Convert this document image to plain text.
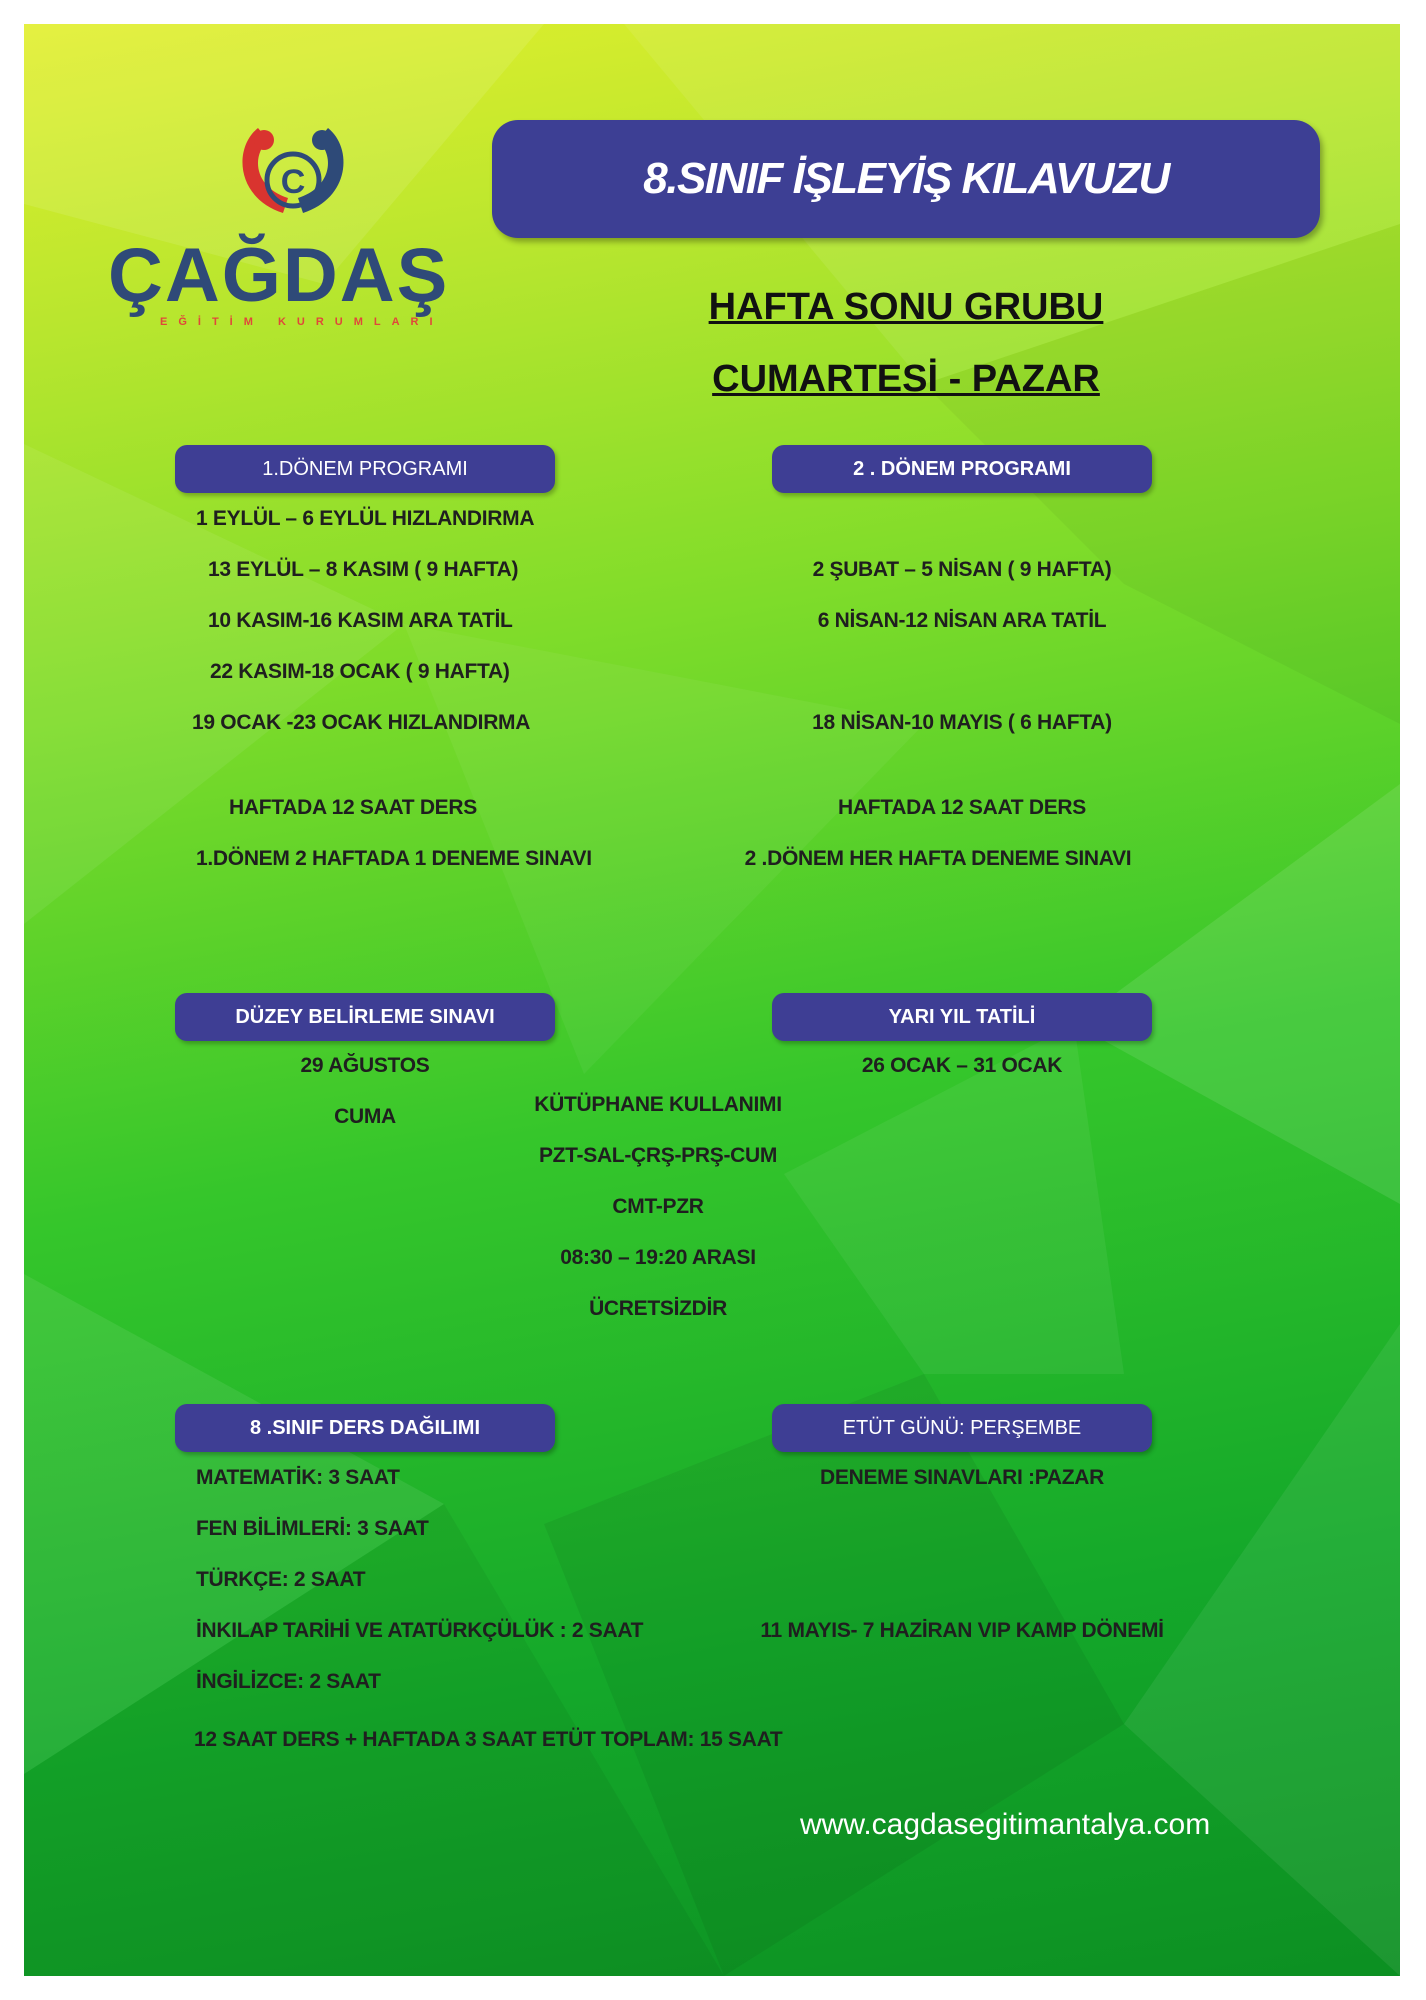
C
ÇAĞDAŞ
EĞİTİM KURUMLARI
8.SINIF İŞLEYİŞ KILAVUZU
HAFTA SONU GRUBU
CUMARTESİ - PAZAR
1.DÖNEM PROGRAMI	2 . DÖNEM PROGRAMI
DÜZEY BELİRLEME SINAVI	YARI YIL TATİLİ
8 .SINIF DERS DAĞILIMI	ETÜT GÜNÜ: PERŞEMBE
1 EYLÜL – 6 EYLÜL HIZLANDIRMA
13 EYLÜL – 8 KASIM ( 9 HAFTA)
10 KASIM-16 KASIM ARA TATİL
22 KASIM-18 OCAK ( 9 HAFTA)
19 OCAK -23 OCAK HIZLANDIRMA
HAFTADA 12 SAAT DERS
1.DÖNEM 2 HAFTADA 1 DENEME SINAVI
2 ŞUBAT – 5 NİSAN ( 9 HAFTA)
6 NİSAN-12 NİSAN ARA TATİL
18 NİSAN-10 MAYIS ( 6 HAFTA)
HAFTADA 12 SAAT DERS
2 .DÖNEM HER HAFTA DENEME SINAVI
29 AĞUSTOS
CUMA
26 OCAK – 31 OCAK
KÜTÜPHANE KULLANIMI
PZT-SAL-ÇRŞ-PRŞ-CUM
CMT-PZR
08:30 – 19:20 ARASI
ÜCRETSİZDİR
MATEMATİK: 3 SAAT
FEN BİLİMLERİ: 3 SAAT
TÜRKÇE: 2 SAAT
İNKILAP TARİHİ VE ATATÜRKÇÜLÜK : 2 SAAT
İNGİLİZCE: 2 SAAT
12 SAAT DERS + HAFTADA 3 SAAT ETÜT TOPLAM: 15 SAAT
DENEME SINAVLARI :PAZAR
11 MAYIS- 7 HAZİRAN VIP KAMP DÖNEMİ
www.cagdasegitimantalya.com
